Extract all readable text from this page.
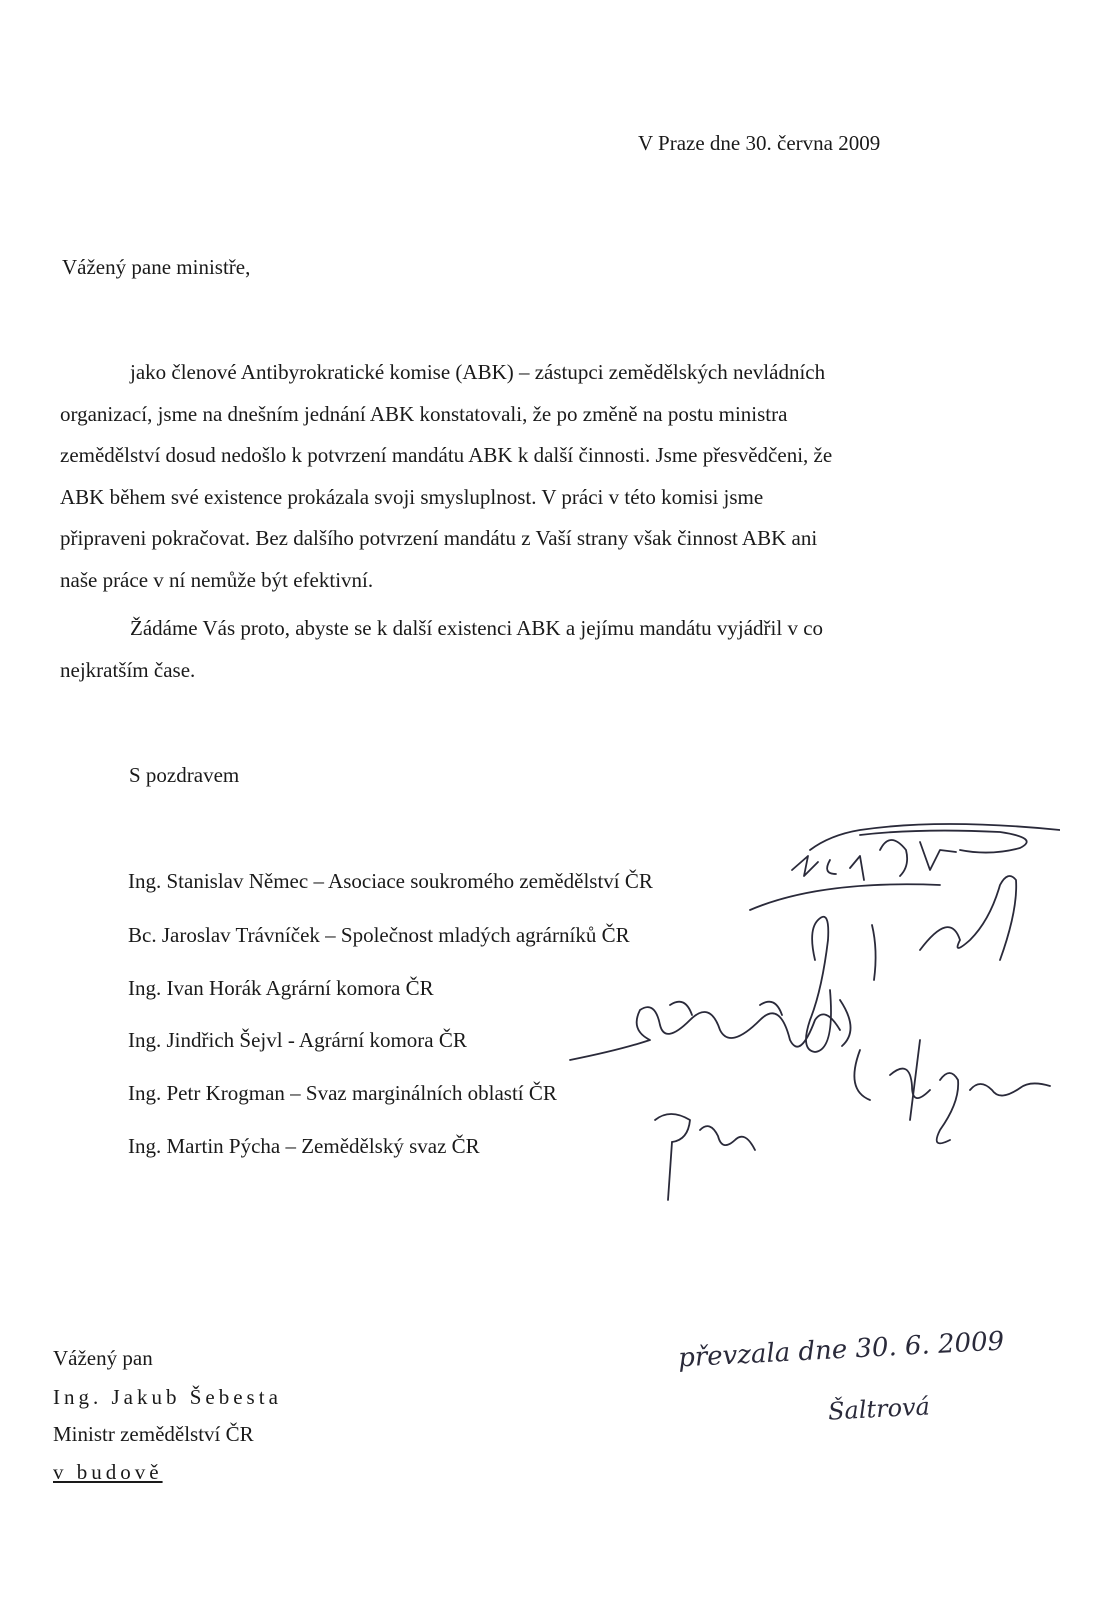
V Praze dne 30. června 2009
Vážený pane ministře,
jako členové Antibyrokratické komise (ABK) – zástupci zemědělských nevládních
organizací, jsme na dnešním jednání ABK konstatovali, že po změně na postu ministra
zemědělství dosud nedošlo k potvrzení mandátu ABK k další činnosti. Jsme přesvědčeni, že
ABK během své existence prokázala svoji smysluplnost. V práci v této komisi jsme
připraveni pokračovat. Bez dalšího potvrzení mandátu z Vaší strany však činnost ABK ani
naše práce v ní nemůže být efektivní.
Žádáme Vás proto, abyste se k další existenci ABK a jejímu mandátu vyjádřil v co
nejkratším čase.
S pozdravem
Ing. Stanislav Němec – Asociace soukromého zemědělství ČR
Bc. Jaroslav Trávníček – Společnost mladých agrárníků ČR
Ing. Ivan Horák Agrární komora ČR
Ing. Jindřich Šejvl - Agrární komora ČR
Ing. Petr Krogman – Svaz marginálních oblastí ČR
Ing. Martin Pýcha – Zemědělský svaz ČR
Vážený pan
Ing. Jakub Šebesta
Ministr zemědělství ČR
v budově
převzala dne 30. 6. 2009
Šaltrová
